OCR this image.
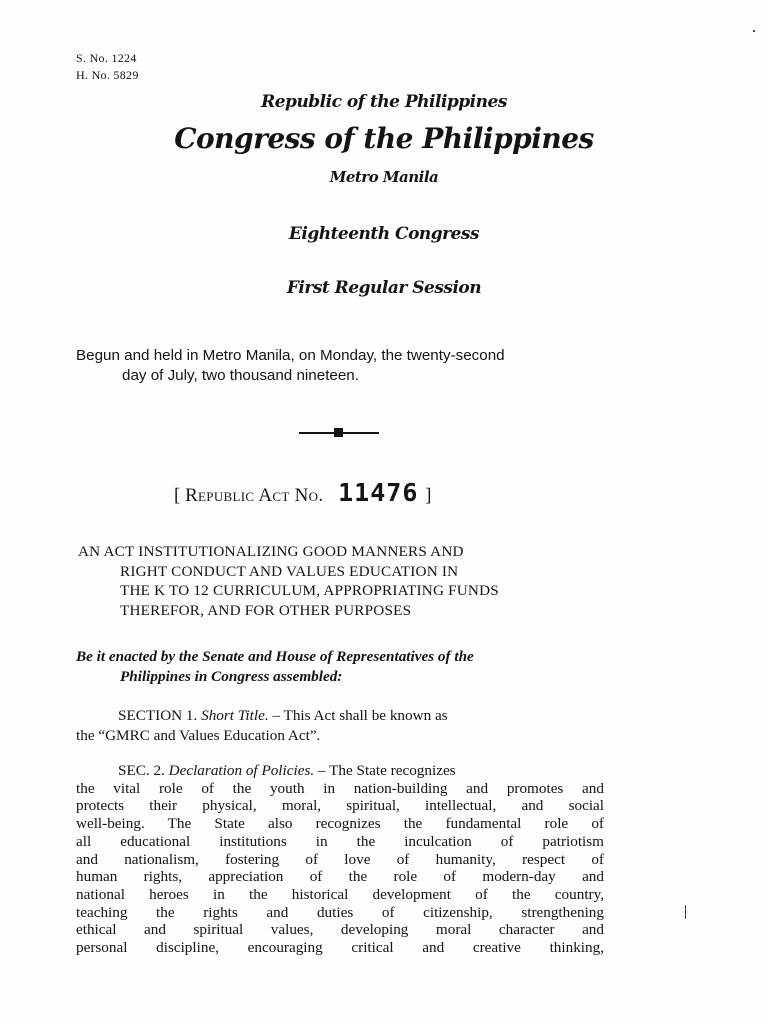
S. No. 1224
H. No. 5829
Republic of the Philippines
Congress of the Philippines
Metro Manila
Eighteenth Congress
First Regular Session
Begun and held in Metro Manila, on Monday, the twenty-second
day of July, two thousand nineteen.
[ Republic Act No. 11476 ]
AN ACT INSTITUTIONALIZING GOOD MANNERS AND
RIGHT CONDUCT AND VALUES EDUCATION IN
THE K TO 12 CURRICULUM, APPROPRIATING FUNDS
THEREFOR, AND FOR OTHER PURPOSES
Be it enacted by the Senate and House of Representatives of the
Philippines in Congress assembled:
SECTION 1. Short Title. – This Act shall be known as
the “GMRC and Values Education Act”.
SEC. 2. Declaration of Policies. – The State recognizes
the vital role of the youth in nation-building and promotes and
protects their physical, moral, spiritual, intellectual, and social
well-being. The State also recognizes the fundamental role of
all educational institutions in the inculcation of patriotism
and nationalism, fostering of love of humanity, respect of
human rights, appreciation of the role of modern-day and
national heroes in the historical development of the country,
teaching the rights and duties of citizenship, strengthening
ethical and spiritual values, developing moral character and
personal discipline, encouraging critical and creative thinking,
